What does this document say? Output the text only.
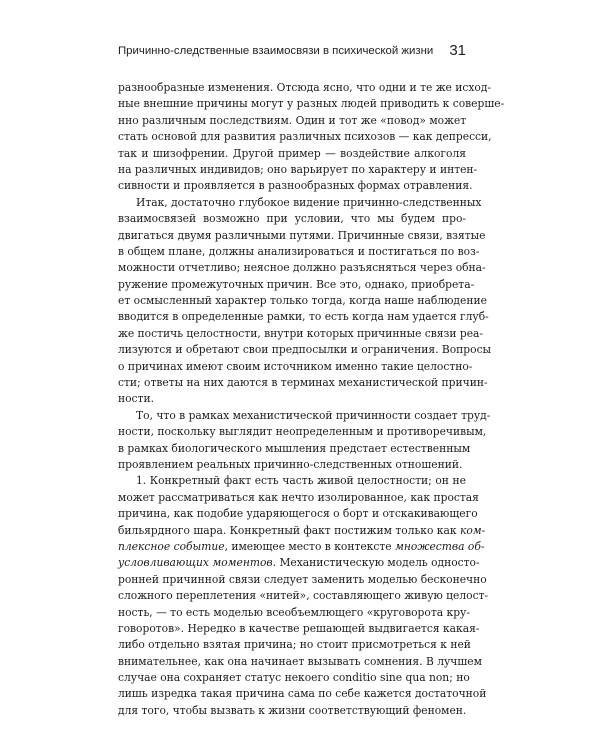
Причинно-следственные взаимосвязи в психической жизни 31
разнообразные изменения. Отсюда ясно, что одни и те же исход-
ные внешние причины могут у разных людей приводить к соверше-
нно различным последствиям. Один и тот же «повод» может
стать основой для развития различных психозов — как депресси,
так и шизофрении. Другой пример — воздействие алкоголя
на различных индивидов; оно варьирует по характеру и интен-
сивности и проявляется в разнообразных формах отравления.
Итак, достаточно глубокое видение причинно-следственных
взаимосвязей возможно при условии, что мы будем про-
двигаться двумя различными путями. Причинные связи, взятые
в общем плане, должны анализироваться и постигаться по воз-
можности отчетливо; неясное должно разъясняться через обна-
ружение промежуточных причин. Все это, однако, приобрета-
ет осмысленный характер только тогда, когда наше наблюдение
вводится в определенные рамки, то есть когда нам удается глуб-
же постичь целостности, внутри которых причинные связи реа-
лизуются и обретают свои предпосылки и ограничения. Вопросы
о причинах имеют своим источником именно такие целостно-
сти; ответы на них даются в терминах механистической причин-
ности.
То, что в рамках механистической причинности создает труд-
ности, поскольку выглядит неопределенным и противоречивым,
в рамках биологического мышления предстает естественным
проявлением реальных причинно-следственных отношений.
1. Конкретный факт есть часть живой целостности; он не
может рассматриваться как нечто изолированное, как простая
причина, как подобие ударяющегося о борт и отскакивающего
бильярдного шара. Конкретный факт постижим только как ком-
плексное событие, имеющее место в контексте множества об-
условливающих моментов. Механистическую модель односто-
ронней причинной связи следует заменить моделью бесконечно
сложного переплетения «нитей», составляющего живую целост-
ность, — то есть моделью всеобъемлющего «круговорота кру-
говоротов». Нередко в качестве решающей выдвигается какая-
либо отдельно взятая причина; но стоит присмотреться к ней
внимательнее, как она начинает вызывать сомнения. В лучшем
случае она сохраняет статус некоего conditio sine qua non; но
лишь изредка такая причина сама по себе кажется достаточной
для того, чтобы вызвать к жизни соответствующий феномен.
